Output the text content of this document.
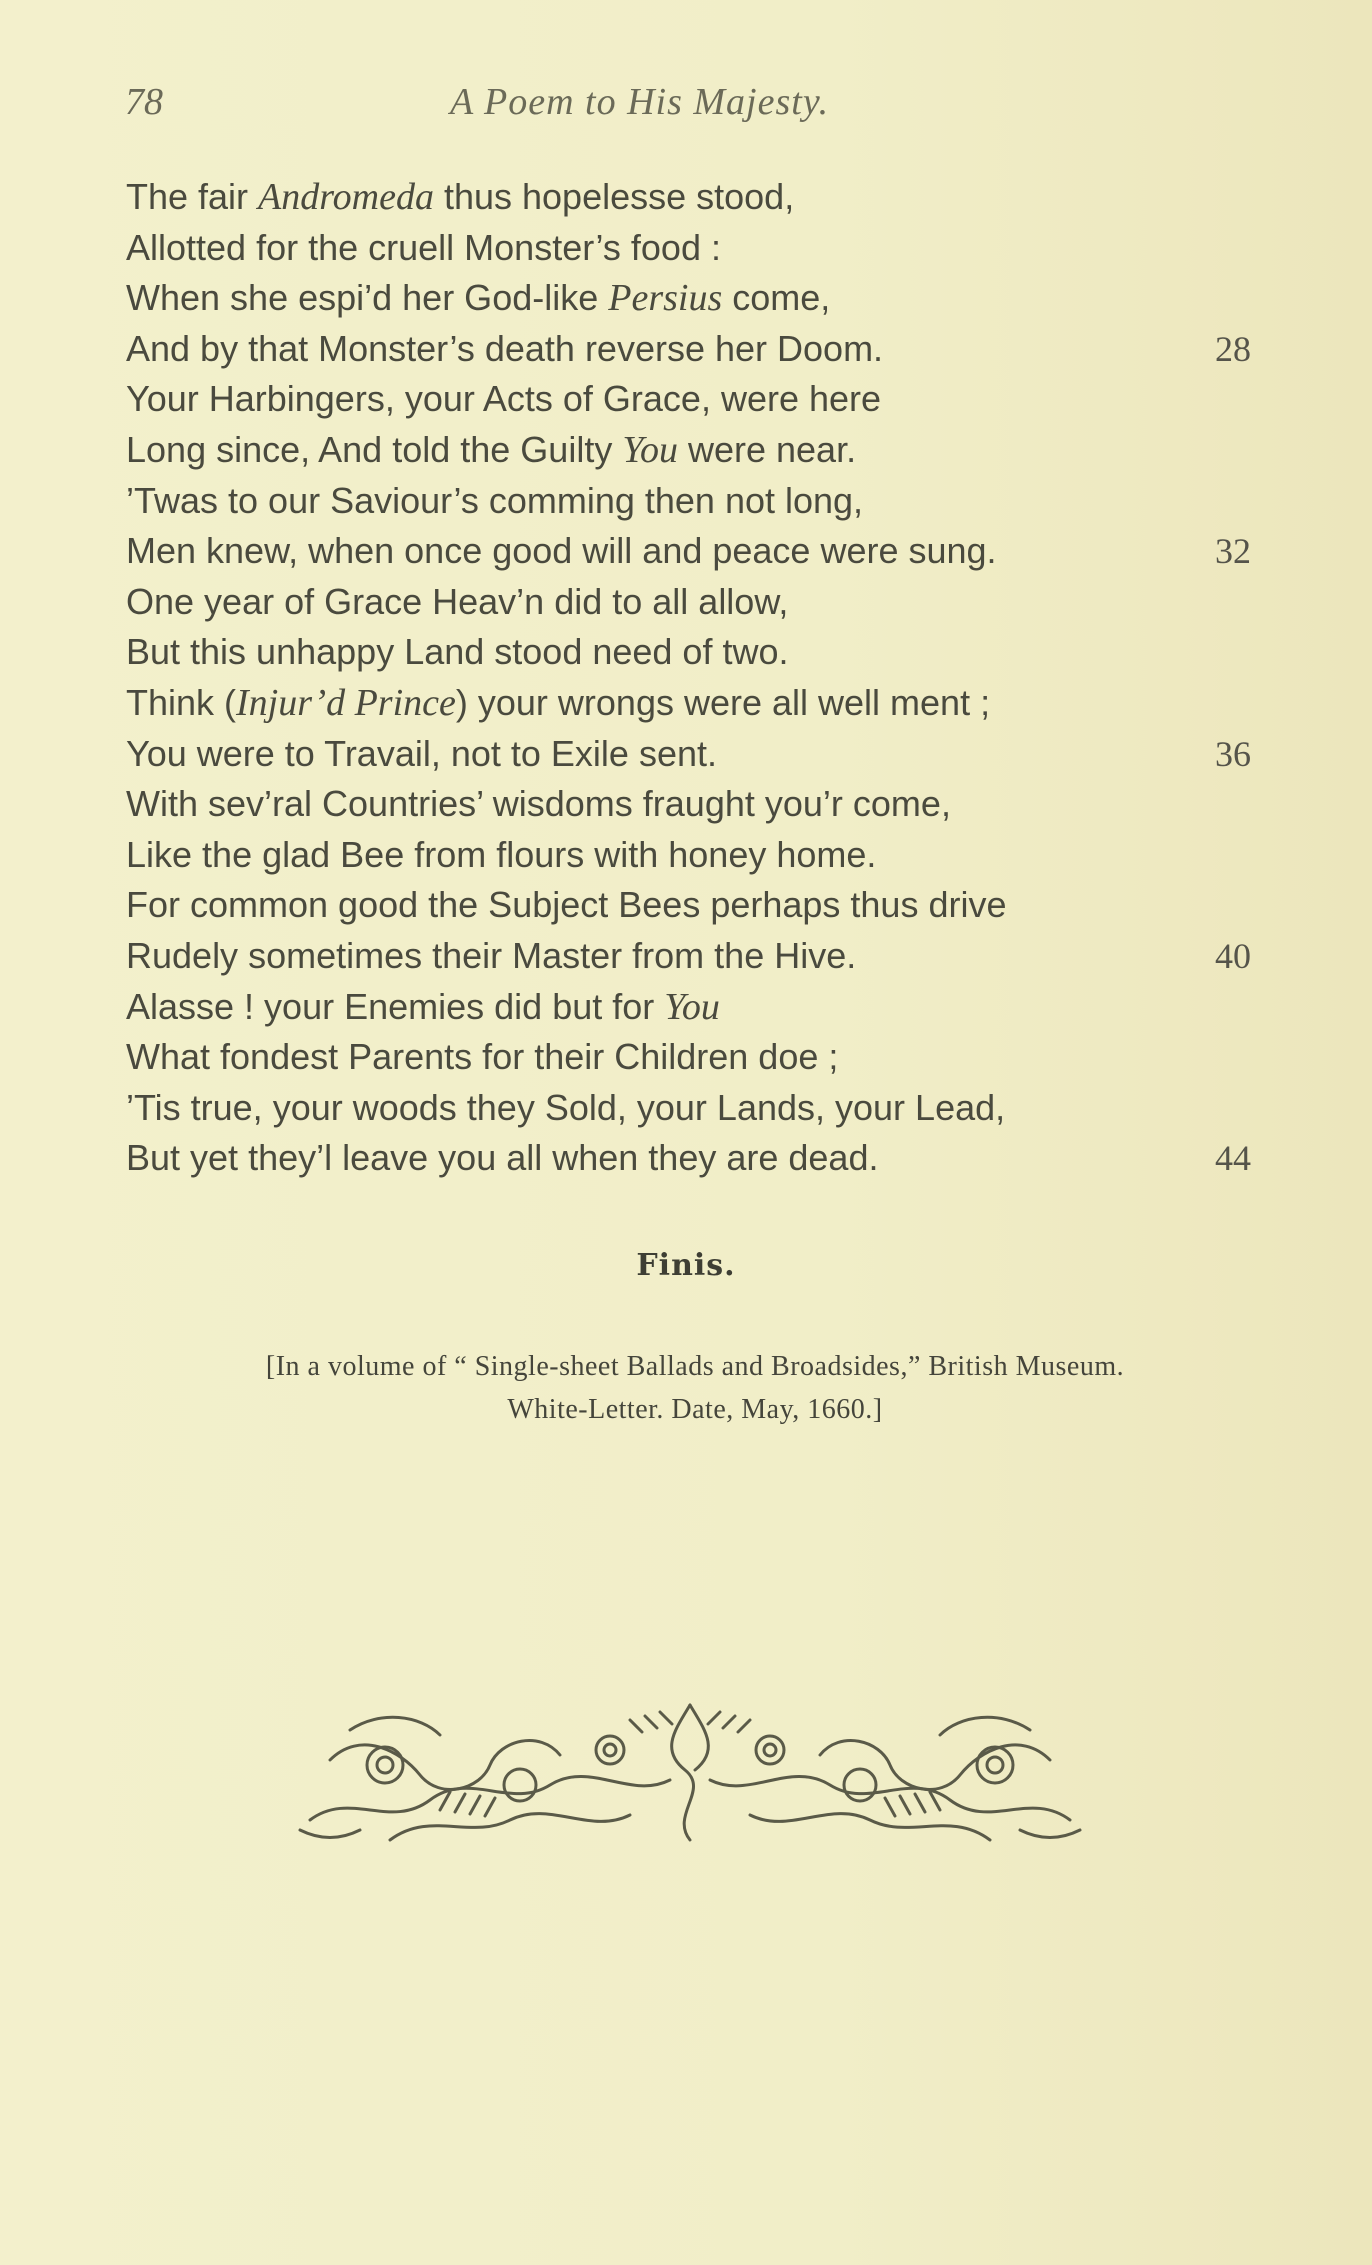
78	A Poem to His Majesty.
The fair Andromeda thus hopelesse stood,
Allotted for the cruell Monster’s food :
When she espi’d her God-like Persius come,
And by that Monster’s death reverse her Doom.	28
Your Harbingers, your Acts of Grace, were here
Long since, And told the Guilty You were near.
’Twas to our Saviour’s comming then not long,
Men knew, when once good will and peace were sung.	32
One year of Grace Heav’n did to all allow,
But this unhappy Land stood need of two.
Think (Injur’d Prince) your wrongs were all well ment ;
You were to Travail, not to Exile sent.	36
With sev’ral Countries’ wisdoms fraught you’r come,
Like the glad Bee from flours with honey home.
For common good the Subject Bees perhaps thus drive
Rudely sometimes their Master from the Hive.	40
Alasse ! your Enemies did but for You
What fondest Parents for their Children doe ;
’Tis true, your woods they Sold, your Lands, your Lead,
But yet they’l leave you all when they are dead.	44
Finis.
[In a volume of “ Single-sheet Ballads and Broadsides,” British Museum.
White-Letter. Date, May, 1660.]
